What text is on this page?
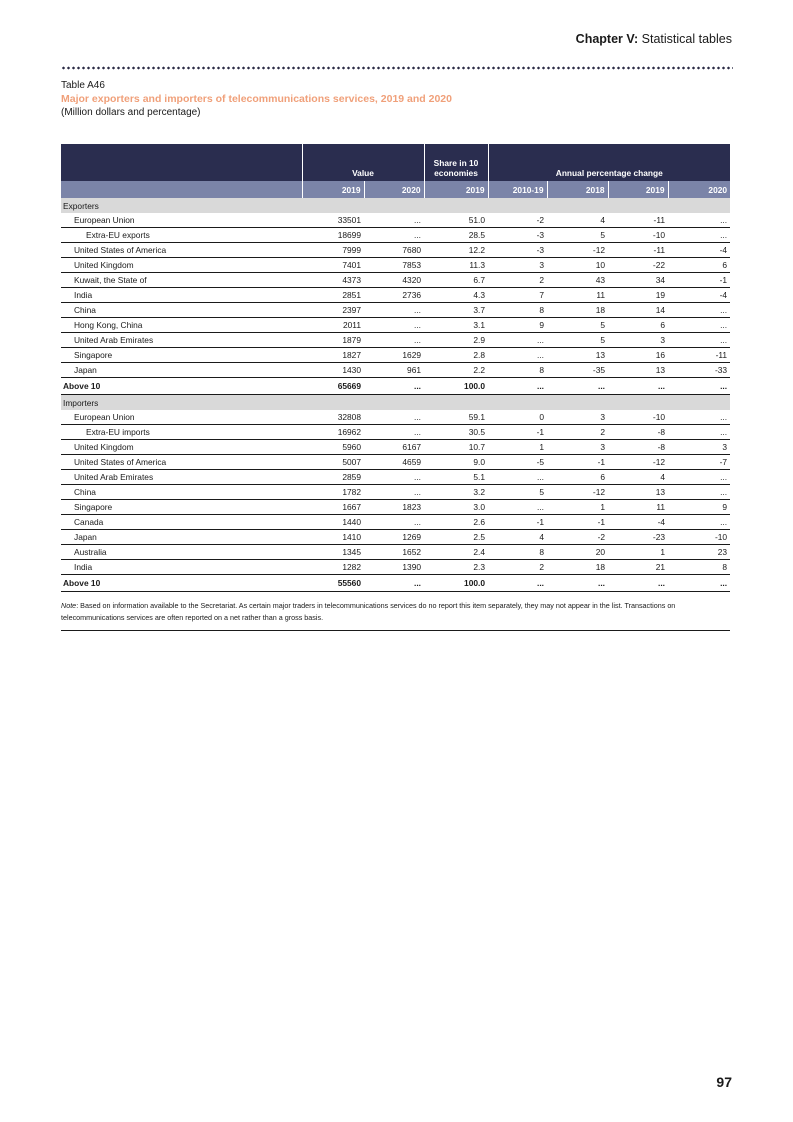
Chapter V: Statistical tables
Table A46
Major exporters and importers of telecommunications services, 2019 and 2020
(Million dollars and percentage)
	Value		Share in 10 economies	Annual percentage change			
	2019	2020	2019	2010-19	2018	2019	2020
Exporters							
European Union	33501	...	51.0	-2	4	-11	...
Extra-EU exports	18699	...	28.5	-3	5	-10	...
United States of America	7999	7680	12.2	-3	-12	-11	-4
United Kingdom	7401	7853	11.3	3	10	-22	6
Kuwait, the State of	4373	4320	6.7	2	43	34	-1
India	2851	2736	4.3	7	11	19	-4
China	2397	...	3.7	8	18	14	...
Hong Kong, China	2011	...	3.1	9	5	6	...
United Arab Emirates	1879	...	2.9	...	5	3	...
Singapore	1827	1629	2.8	...	13	16	-11
Japan	1430	961	2.2	8	-35	13	-33
Above 10	65669	...	100.0	...	...	...	...
Importers							
European Union	32808	...	59.1	0	3	-10	...
Extra-EU imports	16962	...	30.5	-1	2	-8	...
United Kingdom	5960	6167	10.7	1	3	-8	3
United States of America	5007	4659	9.0	-5	-1	-12	-7
United Arab Emirates	2859	...	5.1	...	6	4	...
China	1782	...	3.2	5	-12	13	...
Singapore	1667	1823	3.0	...	1	11	9
Canada	1440	...	2.6	-1	-1	-4	...
Japan	1410	1269	2.5	4	-2	-23	-10
Australia	1345	1652	2.4	8	20	1	23
India	1282	1390	2.3	2	18	21	8
Above 10	55560	...	100.0	...	...	...	...
Note: Based on information available to the Secretariat. As certain major traders in telecommunications services do no report this item separately, they may not appear in the list. Transactions on telecommunications services are often reported on a net rather than a gross basis.
97
